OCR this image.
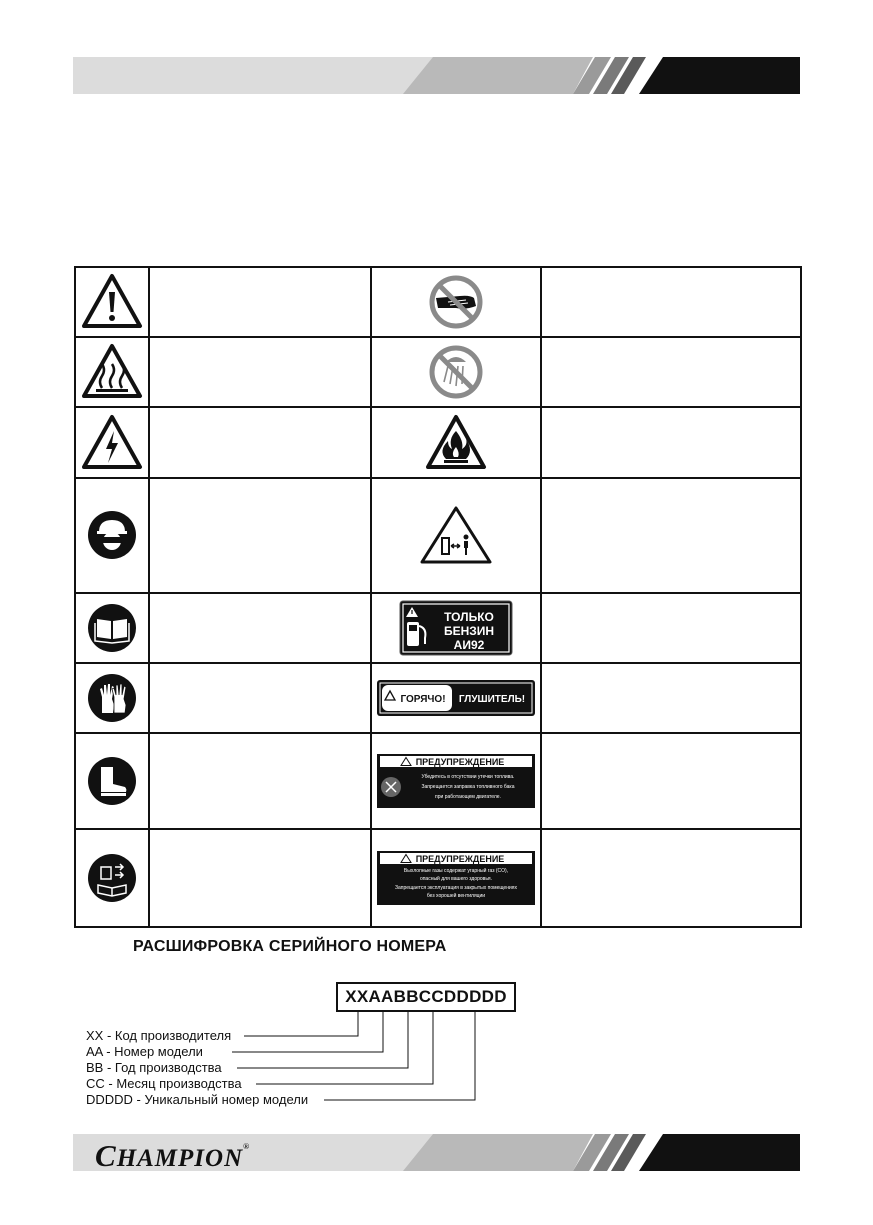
ТОЛЬКО
БЕНЗИН
АИ92	

ГОРЯЧО! ГЛУШИТЕЛЬ!	

ПРЕДУПРЕЖДЕНИЕ
Убедитесь в отсутствии утечки топлива.
Запрещается заправка топливного бака
при работающем двигателе.	

ПРЕДУПРЕЖДЕНИЕ
Выхлопные газы содержат угарный газ (CO),
опасный для вашего здоровья.
Запрещается эксплуатация в закрытых помещениях
без хорошей вентиляции	

РАСШИФРОВКА СЕРИЙНОГО НОМЕРА
XXAABBCCDDDDD
XX - Код производителя
AA - Номер модели
BB - Год производства
CC - Месяц производства
DDDDD - Уникальный номер модели
CHAMPION®
